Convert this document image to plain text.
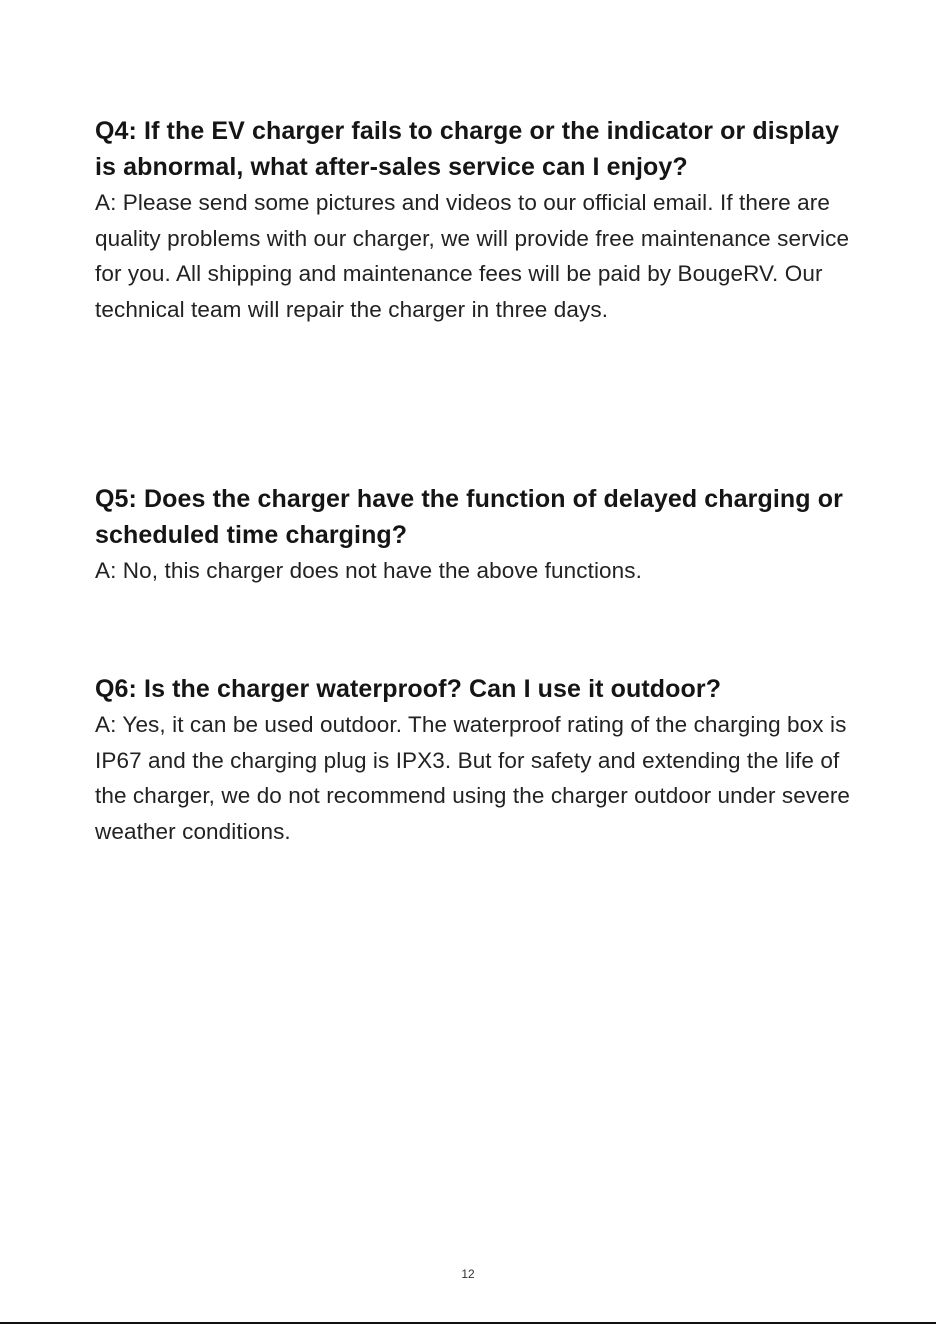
Q4: If the EV charger fails to charge or the indicator or display is abnormal, what after-sales service can I enjoy?

A: Please send some pictures and videos to our official email. If there are quality problems with our charger, we will provide free maintenance service for you. All shipping and maintenance fees will be paid by BougeRV. Our technical team will repair the charger in three days.

Q5: Does the charger have the function of delayed charging or scheduled time charging?

A: No, this charger does not have the above functions.

Q6: Is the charger waterproof? Can I use it outdoor?

A: Yes, it can be used outdoor. The waterproof rating of the charging box is IP67 and the charging plug is IPX3. But for safety and extending the life of the charger, we do not recommend using the charger outdoor under severe weather conditions.

12
